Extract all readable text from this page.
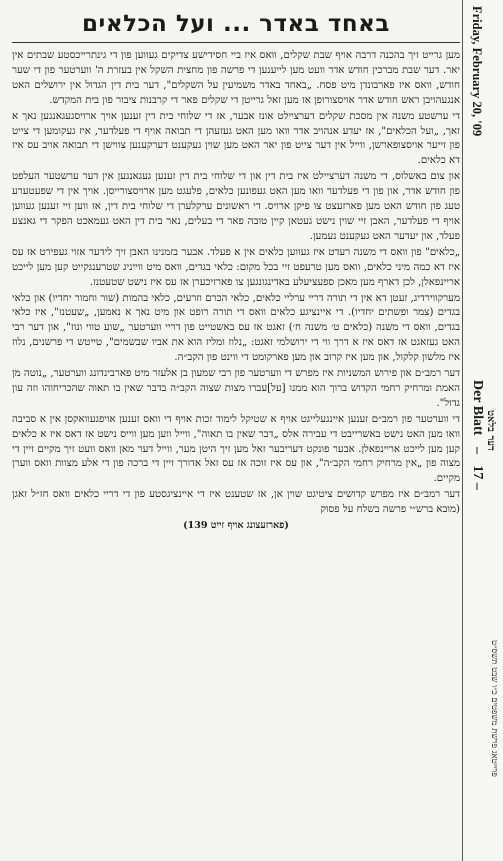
באחד באדר ... ועל הכלאים

מען גרייט זיך בהכנה דרבה אויף שבת שקלים, וואס איז ביי חסידישע צדיקים געווען פון די גינתרייכסטע שבתים אין יאר. דער שבת מברכין חודש אדר וועט מען לייענען די פרשה פון מחצית השקל אין בעזרת ה' ווערטער פון די שער חודש, וואס איז פארבונדן מיט פסח. „באחד באדר משמיעין על השקלים", דער בית דין הגדול אין ירושלים האט אנגעהויבן ראש חודש אדר אויסצורופן אז מען זאל גרייטן די שקלים פאר די קרבנות ציבור פון בית המקדש.

די ערשטע משנה אין מסכת שקלים דערציילט אונז אבער, אז די שלוחי בית דין זענען אויך ארויסגעגאנגען נאך א זאך, „ועל הכלאים", אז יעדע אנהויב אדר וואו מען האט געזעהן די תבואה אויף די פעלדער, איז געקומען די צייט פון זייער אויסצופארשן, ווייל אין דער צייט פון יאר האט מען שוין געקענט דערקענען צווישן די תבואה אויב עס איז דא כלאים.

און צום באשלוס, די משנה דערציילט איז בית דין און די שלוחי בית דין זענען געגאנגען אין דער ערשטער העלפט פון חודש אדר, און פון די פעלדער וואו מען האט געפונען כלאים, פלעגט מען ארויסצורייסן. אויך אין די שפעטערע טעג פון חודש האט מען פארזעצט צו פיקן ארויס. די ראשונים ערקלערן די שלוחי בית דין, אז ווען זיי זענען געווען אויף די פעלדער, האבן זיי שוין נישט געטאן קיין טובה פאר די בעלים, נאר בית דין האט געמאכט הפקר די גאנצע פעלד, און יעדער האט געקענט נעמען.

„כלאים" פון וואס די משנה רעדט איז געווען כלאים אין א פעלד. אבער בזמנינו האבן זיך לידער אזוי געפירט אז עס איז דא כמה מיני כלאים, וואס מען טרעפט זיי בכל מקום: כלאי בגדים, וואס מיט ווייניג שטרענגקייט קען מען לייכט אריינפאלן, לכן דארף מען מאכן ספעציעלע באדינגונגען צו פארזיכערן אז עס איז נישט שטעטנז.

מערקווירדיג, זעטן דא אין די תורה דריי ערליי כלאים, כלאי הכרם וזרעים, כלאי בהמות (שור וחמור יחדיו) און כלאי בגדים (צמר ופשתים יחדיו). די איינציגע כלאים וואס די תורה רופט און מיט נאך א נאמען, „שעטנז", איז כלאי בגדים, וואס די משנה (כלאים ט׳ משנה ח׳) זאגט אז עס באשטייט פון דריי ווערטער „שוע טווי ונוז", און דער רבי האט געזאגט אז דאס איז א דרך ווי די ירושלמי זאגט: „נלוז ומליז הוא את אביו שבשמים", טייטש די פרשנים, נלוז איז מלשון קלקול, און מען איז קרוב און מען פארקומט די ווינט פון הקב״ה.

דער רמב״ם און פירוש המשניות איז מפרש די ווערטער פון רבי שמעון בן אלעזר מיט פארבינדונג ווערטער, „נוטה מן האמת ומרחיק רחמי הקדוש ברוך הוא ממנו [על]עברו מצות שצוה הקב״ה בדבר שאין בו תאוה שהכריחוהו וזה עון גדול".

די ווערטער פון רמב״ם זענען איינגעלייגט אויף א שטיקל לימוד זכות אויף די וואס זענען אויפגעוואקסן אין א סביבה וואו מען האט נישט באשרייבט די עבירה אלס „דבר שאין בו תאוה", ווייל ווען מען ווייס נישט אז דאס איז א כלאים קען מען לייכט אריינפאלן. אבער פונקט דעריבער זאל מען זיך היטן מער, ווייל דער מאן וואס וועט זיך מקיים זיין די מצוה פון „אין מרחיק רחמי הקב״ה", און עס איז זוכה אז עס זאל אדורך זיין די ברכה פון די אלע מצוות וואס ווערן מקיים.

דער רמב״ם איז מפרש קדושים ציטיגט שוין אן, אז שטענט איז די איינציגסטע פון די דריי כלאים וואס חז״ל זאגן (מובא ברש״י פרשה בשלח על פסוק

(פארזעצונג אויף זייט 139)
Friday, February 20, '09
Der Blatt – 17 –
דער בלאט
פרייטאג פרשת משפטים כ״ו שבט תשס״ט
